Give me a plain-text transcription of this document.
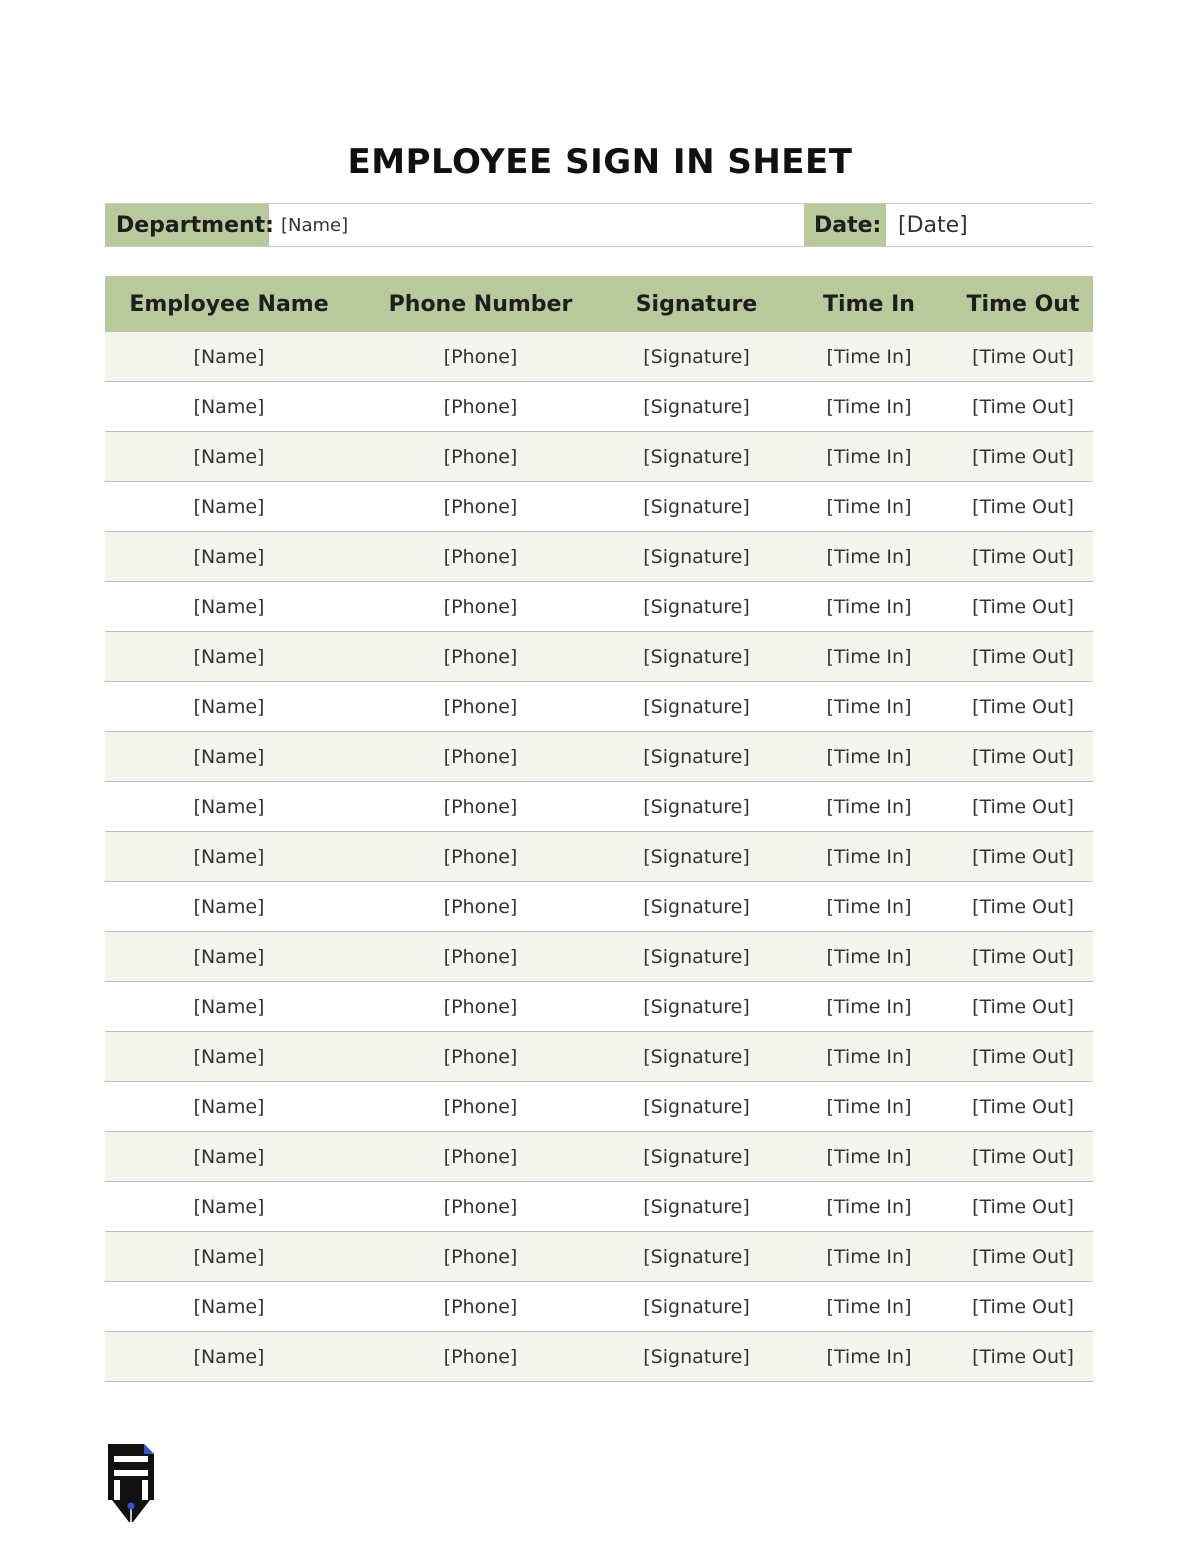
EMPLOYEE SIGN IN SHEET
Department: [Name]	Date: [Date]
Employee Name	Phone Number	Signature	Time In	Time Out
[Name]	[Phone]	[Signature]	[Time In]	[Time Out]
[Name]	[Phone]	[Signature]	[Time In]	[Time Out]
[Name]	[Phone]	[Signature]	[Time In]	[Time Out]
[Name]	[Phone]	[Signature]	[Time In]	[Time Out]
[Name]	[Phone]	[Signature]	[Time In]	[Time Out]
[Name]	[Phone]	[Signature]	[Time In]	[Time Out]
[Name]	[Phone]	[Signature]	[Time In]	[Time Out]
[Name]	[Phone]	[Signature]	[Time In]	[Time Out]
[Name]	[Phone]	[Signature]	[Time In]	[Time Out]
[Name]	[Phone]	[Signature]	[Time In]	[Time Out]
[Name]	[Phone]	[Signature]	[Time In]	[Time Out]
[Name]	[Phone]	[Signature]	[Time In]	[Time Out]
[Name]	[Phone]	[Signature]	[Time In]	[Time Out]
[Name]	[Phone]	[Signature]	[Time In]	[Time Out]
[Name]	[Phone]	[Signature]	[Time In]	[Time Out]
[Name]	[Phone]	[Signature]	[Time In]	[Time Out]
[Name]	[Phone]	[Signature]	[Time In]	[Time Out]
[Name]	[Phone]	[Signature]	[Time In]	[Time Out]
[Name]	[Phone]	[Signature]	[Time In]	[Time Out]
[Name]	[Phone]	[Signature]	[Time In]	[Time Out]
[Name]	[Phone]	[Signature]	[Time In]	[Time Out]
